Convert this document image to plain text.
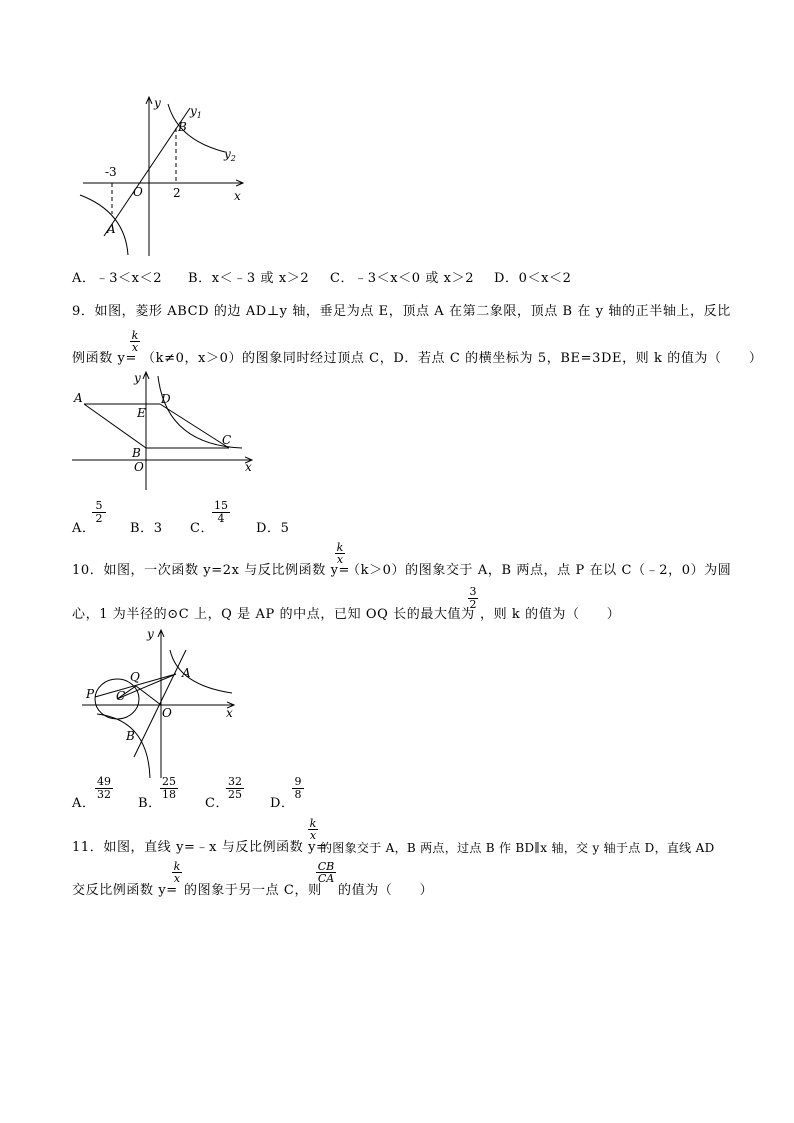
y
x
$y_1$
$y_2$
B
A
O
-3
2
A．﹣3＜x＜2 B．x＜﹣3 或 x＞2 C．﹣3＜x＜0 或 x＞2 D．0＜x＜2
9．如图，菱形 ABCD 的边 AD⊥y 轴，垂足为点 E，顶点 A 在第二象限，顶点 B 在 y 轴的正半轴上，反比
例函数 y=
$\frac{k}{x}$
（k≠0，x＞0）的图象同时经过顶点 C，D．若点 C 的横坐标为 5，BE=3DE，则 k 的值为（　　）
y
x
A
E
D
C
B
O
A．
$\frac{5}{2}$
B．3 C．
$\frac{15}{4}$
D．5
10．如图，一次函数 y=2x 与反比例函数 y=
$\frac{k}{x}$
（k＞0）的图象交于 A，B 两点，点 P 在以 C（﹣2，0）为圆
心，1 为半径的⊙C 上，Q 是 AP 的中点，已知 OQ 长的最大值为
$\frac{3}{2}$
，则 k 的值为（　　）
y
x
Q	A
P C
O
B
A．
$\frac{49}{32}$
B．
$\frac{25}{18}$
C．
$\frac{32}{25}$
D．
$\frac{9}{8}$
11．如图，直线 y=﹣x 与反比例函数 y=
$\frac{k}{x}$
的图象交于 A，B 两点，过点 B 作 BD∥x 轴，交 y 轴于点 D，直线 AD
交反比例函数 y=
$\frac{k}{x}$
的图象于另一点 C，则
$\frac{CB}{CA}$
的值为（　　）
